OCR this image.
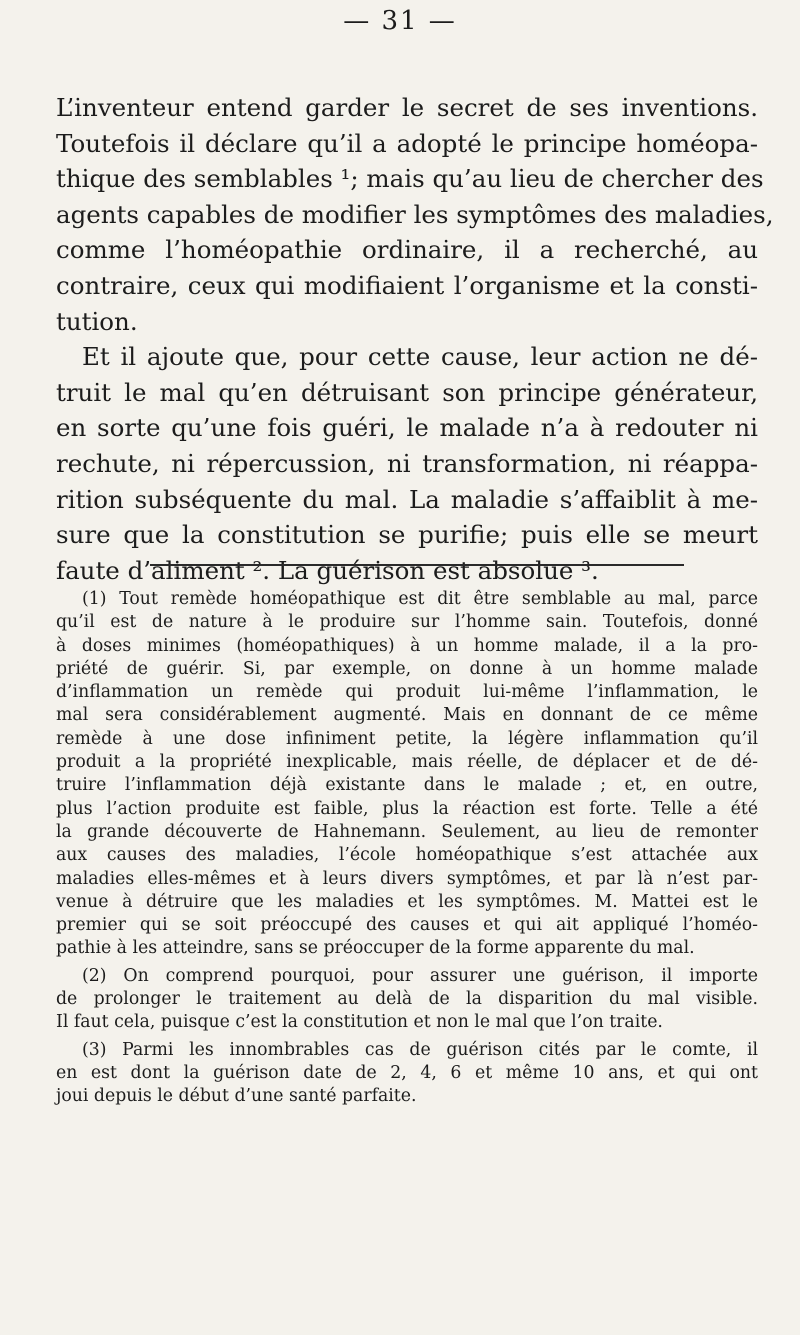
— 31 —

L’inventeur entend garder le secret de ses inventions.
Toutefois il déclare qu’il a adopté le principe homéopa-
thique des semblables ¹; mais qu’au lieu de chercher des
agents capables de modifier les symptômes des maladies,
comme l’homéopathie ordinaire, il a recherché, au
contraire, ceux qui modifiaient l’organisme et la consti-
tution.

Et il ajoute que, pour cette cause, leur action ne dé-
truit le mal qu’en détruisant son principe générateur,
en sorte qu’une fois guéri, le malade n’a à redouter ni
rechute, ni répercussion, ni transformation, ni réappa-
rition subséquente du mal. La maladie s’affaiblit à me-
sure que la constitution se purifie; puis elle se meurt
faute d’aliment ². La guérison est absolue ³.

(1) Tout remède homéopathique est dit être semblable au mal, parce
qu’il est de nature à le produire sur l’homme sain. Toutefois, donné
à doses minimes (homéopathiques) à un homme malade, il a la pro-
priété de guérir. Si, par exemple, on donne à un homme malade
d’inflammation un remède qui produit lui-même l’inflammation, le
mal sera considérablement augmenté. Mais en donnant de ce même
remède à une dose infiniment petite, la légère inflammation qu’il
produit a la propriété inexplicable, mais réelle, de déplacer et de dé-
truire l’inflammation déjà existante dans le malade ; et, en outre,
plus l’action produite est faible, plus la réaction est forte. Telle a été
la grande découverte de Hahnemann. Seulement, au lieu de remonter
aux causes des maladies, l’école homéopathique s’est attachée aux
maladies elles-mêmes et à leurs divers symptômes, et par là n’est par-
venue à détruire que les maladies et les symptômes. M. Mattei est le
premier qui se soit préoccupé des causes et qui ait appliqué l’homéo-
pathie à les atteindre, sans se préoccuper de la forme apparente du mal.

(2) On comprend pourquoi, pour assurer une guérison, il importe
de prolonger le traitement au delà de la disparition du mal visible.
Il faut cela, puisque c’est la constitution et non le mal que l’on traite.

(3) Parmi les innombrables cas de guérison cités par le comte, il
en est dont la guérison date de 2, 4, 6 et même 10 ans, et qui ont
joui depuis le début d’une santé parfaite.
